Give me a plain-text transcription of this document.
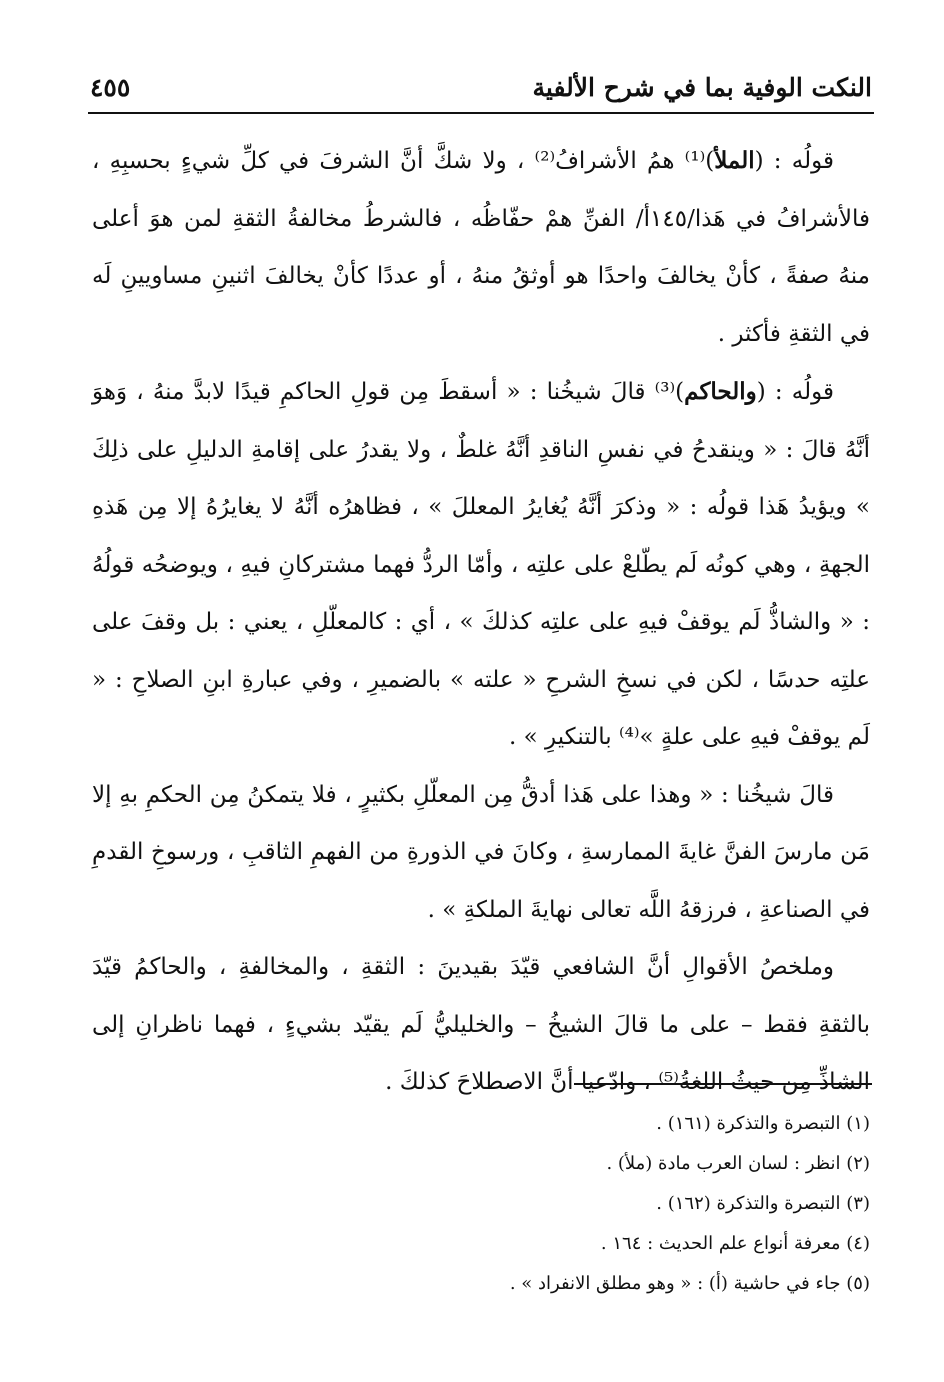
النكت الوفية بما في شرح الألفية
٤٥٥

قولُه : (الملأ)⁽¹⁾ همُ الأشرافُ⁽²⁾ ، ولا شكَّ أنَّ الشرفَ في كلِّ شيءٍ بحسبِهِ ، فالأشرافُ في هَذا/١٤٥أ/ الفنِّ همْ حفّاظُه ، فالشرطُ مخالفةُ الثقةِ لمن هوَ أعلى منهُ صفةً ، كأنْ يخالفَ واحدًا هو أوثقُ منهُ ، أو عددًا كأنْ يخالفَ اثنينِ مساويينِ لَه في الثقةِ فأكثر .

قولُه : (والحاكم)⁽³⁾ قالَ شيخُنا : « أسقطَ مِن قولِ الحاكمِ قيدًا لابدَّ منهُ ، وَهوَ أنَّهُ قالَ : « وينقدحُ في نفسِ الناقدِ أنَّهُ غلطٌ ، ولا يقدرُ على إقامةِ الدليلِ على ذلِكَ » ويؤيدُ هَذا قولُه : « وذكرَ أنَّهُ يُغايرُ المعللَ » ، فظاهرُه أنَّهُ لا يغايرُهُ إلا مِن هَذهِ الجهةِ ، وهي كونُه لَم يطّلعْ على علتِه ، وأمّا الردُّ فهما مشتركانِ فيهِ ، ويوضحُه قولُهُ : « والشاذُّ لَم يوقفْ فيهِ على علتِه كذلكَ » ، أي : كالمعلّلِ ، يعني : بل وقفَ على علتِه حدسًا ، لكن في نسخِ الشرحِ « علته » بالضميرِ ، وفي عبارةِ ابنِ الصلاحِ : « لَم يوقفْ فيهِ على علةٍ »⁽⁴⁾ بالتنكيرِ » .

قالَ شيخُنا : « وهذا على هَذا أدقُّ مِن المعلّلِ بكثيرٍ ، فلا يتمكنُ مِن الحكمِ بهِ إلا مَن مارسَ الفنَّ غايةَ الممارسةِ ، وكانَ في الذورةِ من الفهمِ الثاقبِ ، ورسوخِ القدمِ في الصناعةِ ، فرزقهُ اللَّه تعالى نهايةَ الملكةِ » .

وملخصُ الأقوالِ أنَّ الشافعي قيّدَ بقيدينَ : الثقةِ ، والمخالفةِ ، والحاكمُ قيّدَ بالثقةِ فقط – على ما قالَ الشيخُ – والخليليُّ لَم يقيّد بشيءٍ ، فهما ناظرانِ إلى الشاذِّ مِن حيثُ اللغةُ⁽⁵⁾ ، وادّعيا أنَّ الاصطلاحَ كذلكَ .

(١) التبصرة والتذكرة (١٦١) .

(٢) انظر : لسان العرب مادة (ملأ) .

(٣) التبصرة والتذكرة (١٦٢) .

(٤) معرفة أنواع علم الحديث : ١٦٤ .

(٥) جاء في حاشية (أ) : « وهو مطلق الانفراد » .
